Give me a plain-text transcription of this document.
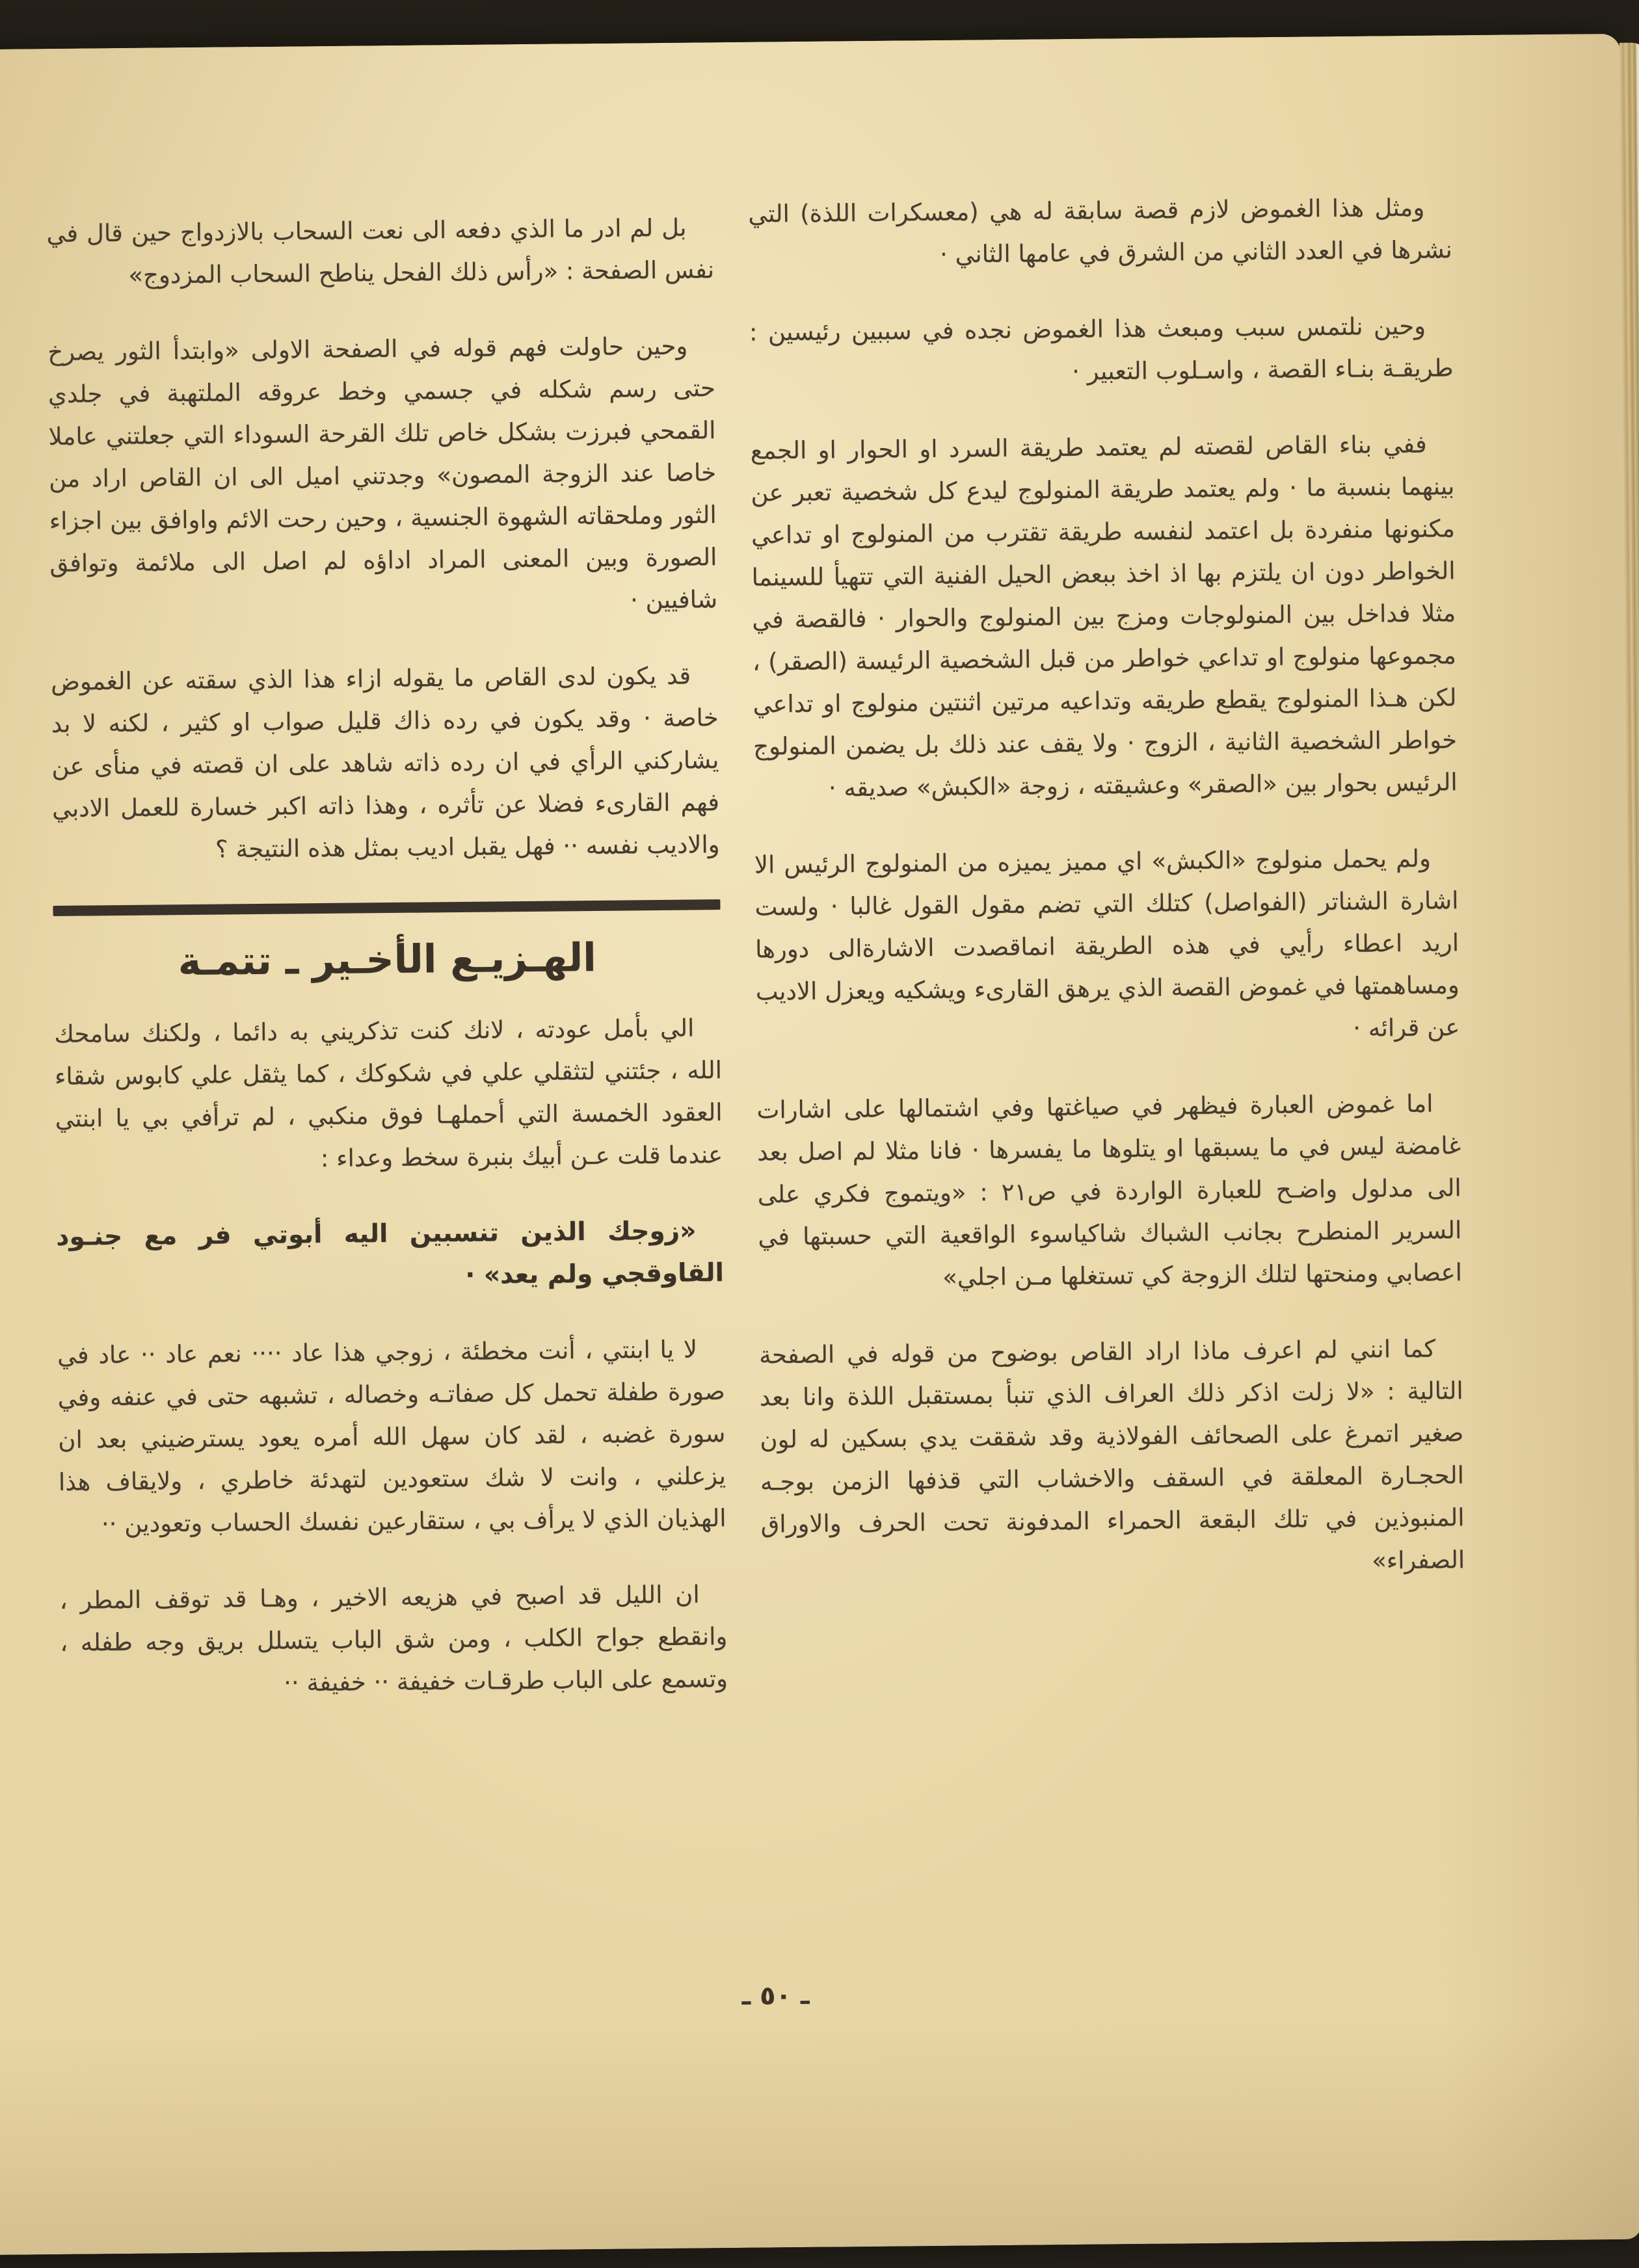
ومثل هذا الغموض لازم قصة سابقة له هي (معسكرات اللذة) التي نشرها في العدد الثاني من الشرق في عامها الثاني ·

وحين نلتمس سبب ومبعث هذا الغموض نجده في سببين رئيسين : طريقـة بنـاء القصة ، واسـلوب التعبير ·

ففي بناء القاص لقصته لم يعتمد طريقة السرد او الحوار او الجمع بينهما بنسبة ما · ولم يعتمد طريقة المنولوج ليدع كل شخصية تعبر عن مكنونها منفردة بل اعتمد لنفسه طريقة تقترب من المنولوج او تداعي الخواطر دون ان يلتزم بها اذ اخذ ببعض الحيل الفنية التي تتهيأ للسينما مثلا فداخل بين المنولوجات ومزج بين المنولوج والحوار · فالقصة في مجموعها منولوج او تداعي خواطر من قبل الشخصية الرئيسة (الصقر) ، لكن هـذا المنولوج يقطع طريقه وتداعيه مرتين اثنتين منولوج او تداعي خواطر الشخصية الثانية ، الزوج · ولا يقف عند ذلك بل يضمن المنولوج الرئيس بحوار بين «الصقر» وعشيقته ، زوجة «الكبش» صديقه ·

ولم يحمل منولوج «الكبش» اي مميز يميزه من المنولوج الرئيس الا اشارة الشناتر (الفواصل) كتلك التي تضم مقول القول غالبا · ولست اريد اعطاء رأيي في هذه الطريقة انماقصدت الاشارةالى دورها ومساهمتها في غموض القصة الذي يرهق القارىء ويشكيه ويعزل الاديب عن قرائه ·

اما غموض العبارة فيظهر في صياغتها وفي اشتمالها على اشارات غامضة ليس في ما يسبقها او يتلوها ما يفسرها · فانا مثلا لم اصل بعد الى مدلول واضـح للعبارة الواردة في ص٢١ : «ويتموج فكري على السرير المنطرح بجانب الشباك شاكياسوء الواقعية التي حسبتها في اعصابي ومنحتها لتلك الزوجة كي تستغلها مـن اجلي»

كما انني لم اعرف ماذا اراد القاص بوضوح من قوله في الصفحة التالية : «لا زلت اذكر ذلك العراف الذي تنبأ بمستقبل اللذة وانا بعد صغير اتمرغ على الصحائف الفولاذية وقد شققت يدي بسكين له لون الحجـارة المعلقة في السقف والاخشاب التي قذفها الزمن بوجـه المنبوذين في تلك البقعة الحمراء المدفونة تحت الحرف والاوراق الصفراء»

بل لم ادر ما الذي دفعه الى نعت السحاب بالازدواج حين قال في نفس الصفحة : «رأس ذلك الفحل يناطح السحاب المزدوج»

وحين حاولت فهم قوله في الصفحة الاولى «وابتدأ الثور يصرخ حتى رسم شكله في جسمي وخط عروقه الملتهبة في جلدي القمحي فبرزت بشكل خاص تلك القرحة السوداء التي جعلتني عاملا خاصا عند الزوجة المصون» وجدتني اميل الى ان القاص اراد من الثور وملحقاته الشهوة الجنسية ، وحين رحت الائم واوافق بين اجزاء الصورة وبين المعنى المراد اداؤه لم اصل الى ملائمة وتوافق شافيين ·

قد يكون لدى القاص ما يقوله ازاء هذا الذي سقته عن الغموض خاصة · وقد يكون في رده ذاك قليل صواب او كثير ، لكنه لا بد يشاركني الرأي في ان رده ذاته شاهد على ان قصته في منأى عن فهم القارىء فضلا عن تأثره ، وهذا ذاته اكبر خسارة للعمل الادبي والاديب نفسه ·· فهل يقبل اديب بمثل هذه النتيجة ؟

الهـزيـع الأخـير ـ تتمـة

الي بأمل عودته ، لانك كنت تذكريني به دائما ، ولكنك سامحك الله ، جئتني لتثقلي علي في شكوكك ، كما يثقل علي كابوس شقاء العقود الخمسة التي أحملهـا فوق منكبي ، لم ترأفي بي يا ابنتي عندما قلت عـن أبيك بنبرة سخط وعداء :

«زوجك الذين تنسبين اليه أبوتي فر مع جنـود القاوقجي ولم يعد» ·

لا يا ابنتي ، أنت مخطئة ، زوجي هذا عاد ···· نعم عاد ·· عاد في صورة طفلة تحمل كل صفاتـه وخصاله ، تشبهه حتى في عنفه وفي سورة غضبه ، لقد كان سهل الله أمره يعود يسترضيني بعد ان يزعلني ، وانت لا شك ستعودين لتهدئة خاطري ، ولايقاف هذا الهذيان الذي لا يرأف بي ، ستقارعين نفسك الحساب وتعودين ··

ان الليل قد اصبح في هزيعه الاخير ، وهـا قد توقف المطر ، وانقطع جواح الكلب ، ومن شق الباب يتسلل بريق وجه طفله ، وتسمع على الباب طرقـات خفيفة ·· خفيفة ··

ـ ٥٠ ـ
